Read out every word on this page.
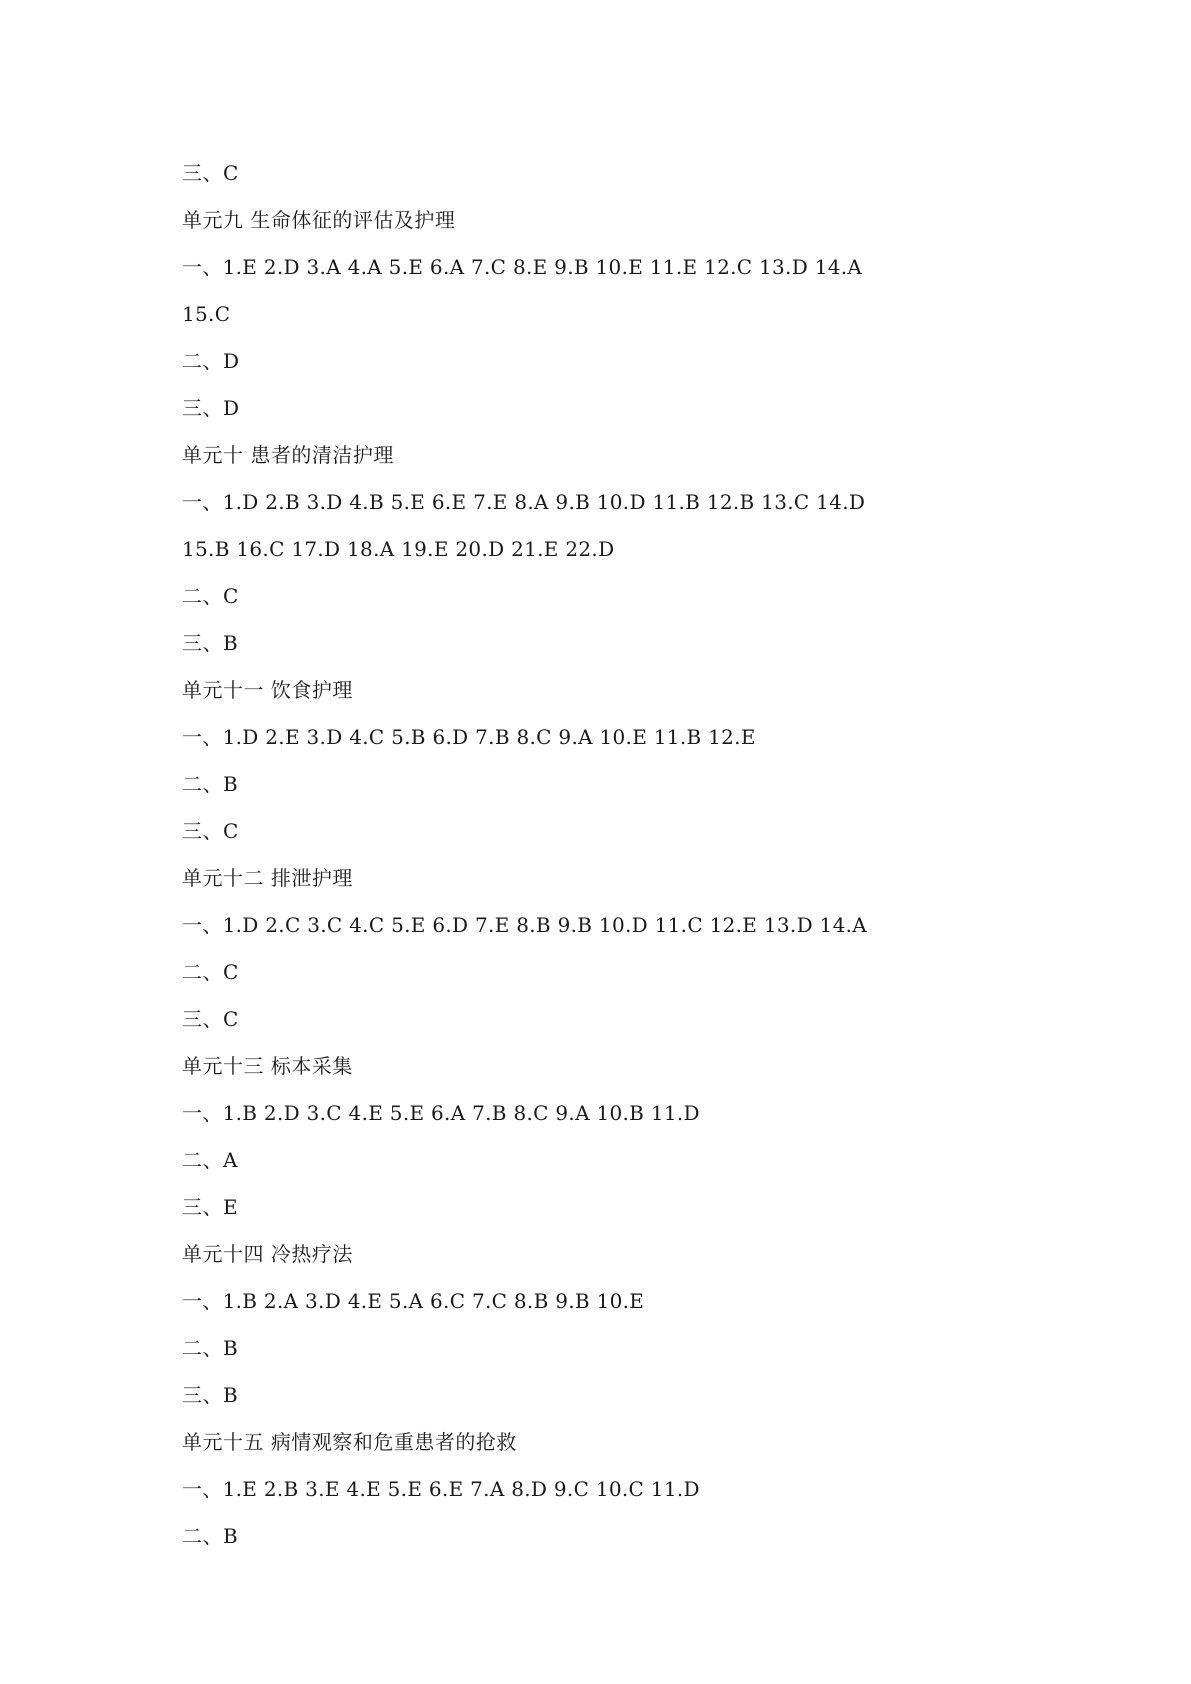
三、C
单元九 生命体征的评估及护理
一、1.E 2.D 3.A 4.A 5.E 6.A 7.C 8.E 9.B 10.E 11.E 12.C 13.D 14.A
15.C
二、D
三、D
单元十 患者的清洁护理
一、1.D 2.B 3.D 4.B 5.E 6.E 7.E 8.A 9.B 10.D 11.B 12.B 13.C 14.D
15.B 16.C 17.D 18.A 19.E 20.D 21.E 22.D
二、C
三、B
单元十一 饮食护理
一、1.D 2.E 3.D 4.C 5.B 6.D 7.B 8.C 9.A 10.E 11.B 12.E
二、B
三、C
单元十二 排泄护理
一、1.D 2.C 3.C 4.C 5.E 6.D 7.E 8.B 9.B 10.D 11.C 12.E 13.D 14.A
二、C
三、C
单元十三 标本采集
一、1.B 2.D 3.C 4.E 5.E 6.A 7.B 8.C 9.A 10.B 11.D
二、A
三、E
单元十四 冷热疗法
一、1.B 2.A 3.D 4.E 5.A 6.C 7.C 8.B 9.B 10.E
二、B
三、B
单元十五 病情观察和危重患者的抢救
一、1.E 2.B 3.E 4.E 5.E 6.E 7.A 8.D 9.C 10.C 11.D
二、B
